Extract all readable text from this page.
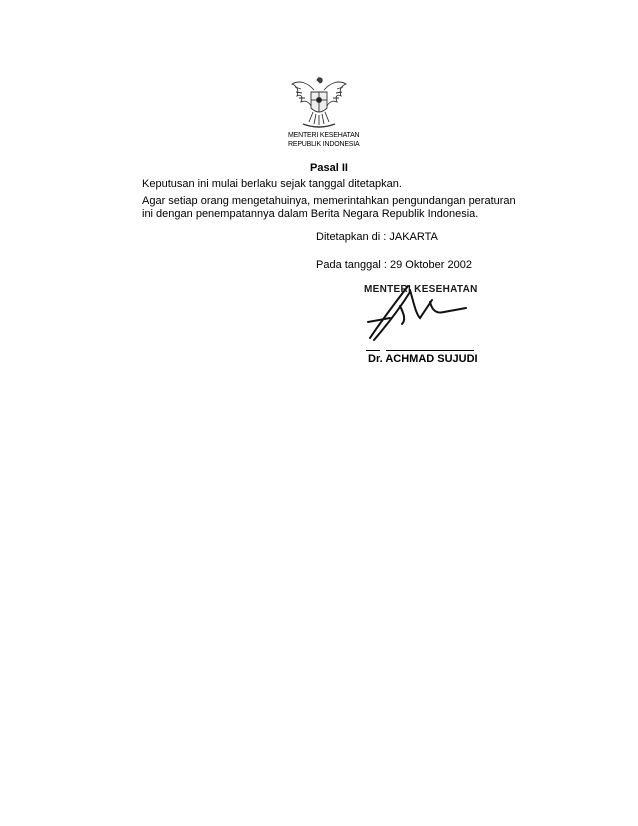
MENTERI KESEHATAN
REPUBLIK INDONESIA
Pasal II
Keputusan ini mulai berlaku sejak tanggal ditetapkan.
Agar setiap orang mengetahuinya, memerintahkan pengundangan peraturan
ini dengan penempatannya dalam Berita Negara Republik Indonesia.
Ditetapkan di : JAKARTA
Pada tanggal : 29 Oktober 2002
MENTERI KESEHATAN
Dr. ACHMAD SUJUDI
